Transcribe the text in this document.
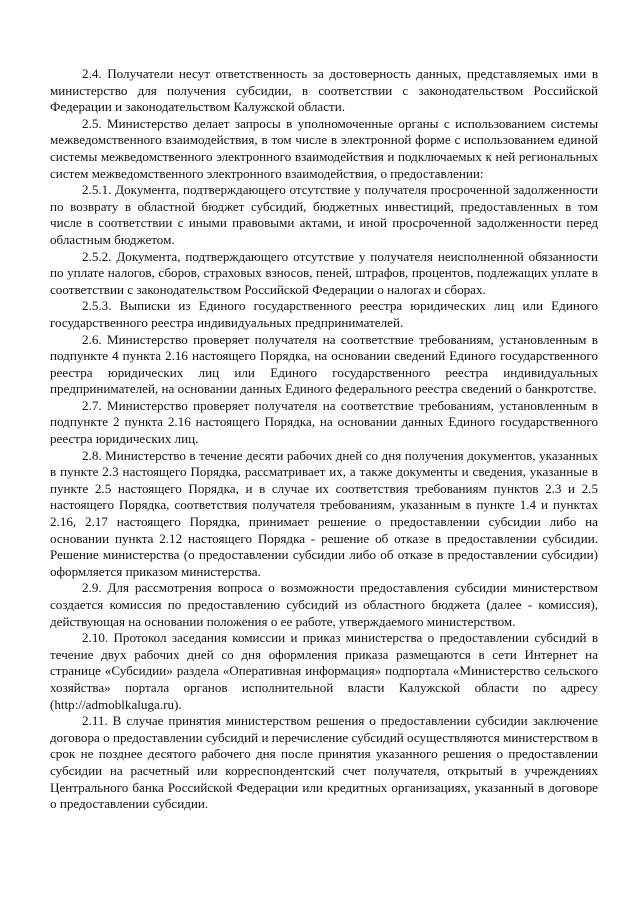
2.4. Получатели несут ответственность за достоверность данных, представляемых ими в министерство для получения субсидии, в соответствии с законодательством Российской Федерации и законодательством Калужской области.

2.5. Министерство делает запросы в уполномоченные органы с использованием системы межведомственного взаимодействия, в том числе в электронной форме с использованием единой системы межведомственного электронного взаимодействия и подключаемых к ней региональных систем межведомственного электронного взаимодействия, о предоставлении:

2.5.1. Документа, подтверждающего отсутствие у получателя просроченной задолженности по возврату в областной бюджет субсидий, бюджетных инвестиций, предоставленных в том числе в соответствии с иными правовыми актами, и иной просроченной задолженности перед областным бюджетом.

2.5.2. Документа, подтверждающего отсутствие у получателя неисполненной обязанности по уплате налогов, сборов, страховых взносов, пеней, штрафов, процентов, подлежащих уплате в соответствии с законодательством Российской Федерации о налогах и сборах.

2.5.3. Выписки из Единого государственного реестра юридических лиц или Единого государственного реестра индивидуальных предпринимателей.

2.6. Министерство проверяет получателя на соответствие требованиям, установленным в подпункте 4 пункта 2.16 настоящего Порядка, на основании сведений Единого государственного реестра юридических лиц или Единого государственного реестра индивидуальных предпринимателей, на основании данных Единого федерального реестра сведений о банкротстве.

2.7. Министерство проверяет получателя на соответствие требованиям, установленным в подпункте 2 пункта 2.16 настоящего Порядка, на основании данных Единого государственного реестра юридических лиц.

2.8. Министерство в течение десяти рабочих дней со дня получения документов, указанных в пункте 2.3 настоящего Порядка, рассматривает их, а также документы и сведения, указанные в пункте 2.5 настоящего Порядка, и в случае их соответствия требованиям пунктов 2.3 и 2.5 настоящего Порядка, соответствия получателя требованиям, указанным в пункте 1.4 и пунктах 2.16, 2.17 настоящего Порядка, принимает решение о предоставлении субсидии либо на основании пункта 2.12 настоящего Порядка - решение об отказе в предоставлении субсидии. Решение министерства (о предоставлении субсидии либо об отказе в предоставлении субсидии) оформляется приказом министерства.

2.9. Для рассмотрения вопроса о возможности предоставления субсидии министерством создается комиссия по предоставлению субсидий из областного бюджета (далее - комиссия), действующая на основании положения о ее работе, утверждаемого министерством.

2.10. Протокол заседания комиссии и приказ министерства о предоставлении субсидий в течение двух рабочих дней со дня оформления приказа размещаются в сети Интернет на странице «Субсидии» раздела «Оперативная информация» подпортала «Министерство сельского хозяйства» портала органов исполнительной власти Калужской области по адресу (http://admoblkaluga.ru).

2.11. В случае принятия министерством решения о предоставлении субсидии заключение договора о предоставлении субсидий и перечисление субсидий осуществляются министерством в срок не позднее десятого рабочего дня после принятия указанного решения о предоставлении субсидии на расчетный или корреспондентский счет получателя, открытый в учреждениях Центрального банка Российской Федерации или кредитных организациях, указанный в договоре о предоставлении субсидии.
